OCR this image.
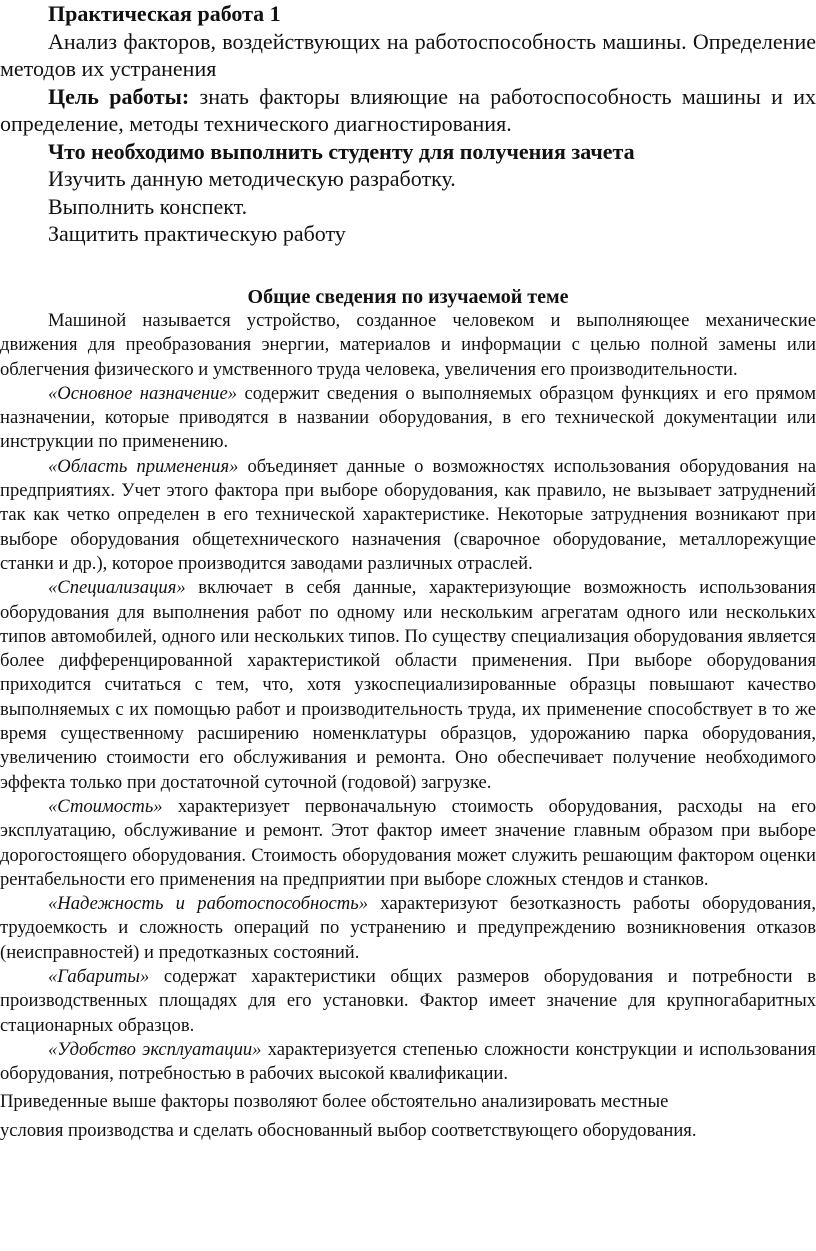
Практическая работа 1

Анализ факторов, воздействующих на работоспособность машины. Определение методов их устранения

Цель работы: знать факторы влияющие на работоспособность машины и их определение, методы технического диагностирования.

Что необходимо выполнить студенту для получения зачета

Изучить данную методическую разработку.

Выполнить конспект.

Защитить практическую работу

Общие сведения по изучаемой теме

Машиной называется устройство, созданное человеком и выполняющее механические движения для преобразования энергии, материалов и информации с целью полной замены или облегчения физического и умственного труда человека, увеличения его производительности.

«Основное назначение» содержит сведения о выполняемых образцом функциях и его прямом назначении, которые приводятся в названии оборудования, в его технической документации или инструкции по применению.

«Область применения» объединяет данные о возможностях использования оборудования на предприятиях. Учет этого фактора при выборе оборудования, как правило, не вызывает затруднений так как четко определен в его технической характеристике. Некоторые затруднения возникают при выборе оборудования общетехнического назначения (сварочное оборудование, металлорежущие станки и др.), которое производится заводами различных отраслей.

«Специализация» включает в себя данные, характеризующие возможность использования оборудования для выполнения работ по одному или нескольким агрегатам одного или нескольких типов автомобилей, одного или нескольких типов. По существу специализация оборудования является более дифференцированной характеристикой области применения. При выборе оборудования приходится считаться с тем, что, хотя узкоспециализированные образцы повышают качество выполняемых с их помощью работ и производительность труда, их применение способствует в то же время существенному расширению номенклатуры образцов, удорожанию парка оборудования, увеличению стоимости его обслуживания и ремонта. Оно обеспечивает получение необходимого эффекта только при достаточной суточной (годовой) загрузке.

«Стоимость» характеризует первоначальную стоимость оборудования, расходы на его эксплуатацию, обслуживание и ремонт. Этот фактор имеет значение главным образом при выборе дорогостоящего оборудования. Стоимость оборудования может служить решающим фактором оценки рентабельности его применения на предприятии при выборе сложных стендов и станков.

«Надежность и работоспособность» характеризуют безотказность работы оборудования, трудоемкость и сложность операций по устранению и предупреждению возникновения отказов (неисправностей) и предотказных состояний.

«Габариты» содержат характеристики общих размеров оборудования и потребности в производственных площадях для его установки. Фактор имеет значение для крупногабаритных стационарных образцов.

«Удобство эксплуатации» характеризуется степенью сложности конструкции и использования оборудования, потребностью в рабочих высокой квалификации.

Приведенные выше факторы позволяют более обстоятельно анализировать местные
условия производства и сделать обоснованный выбор соответствующего оборудования.
